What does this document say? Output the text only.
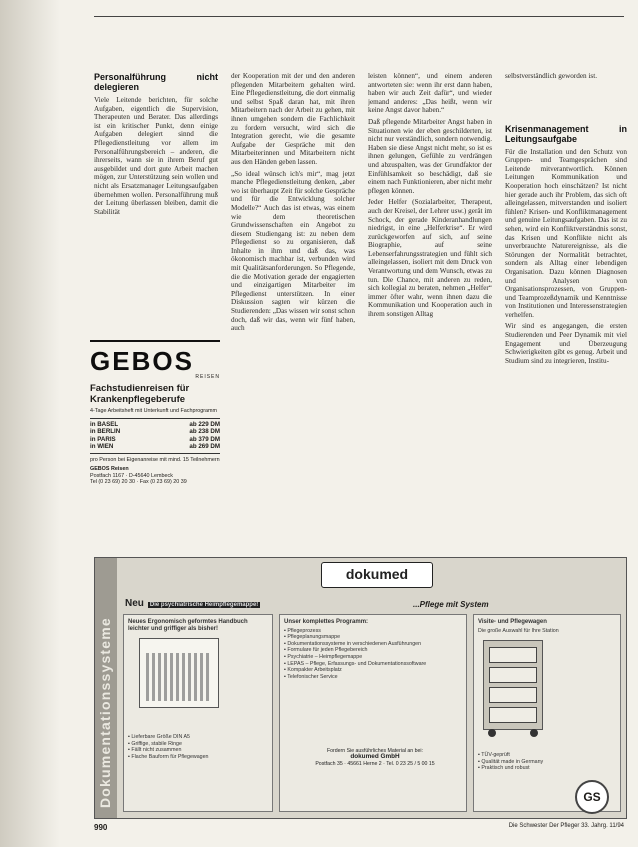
Personalführung nicht delegieren

Viele Leitende berichten, für solche Aufgaben, eigentlich die Supervision, Therapeuten und Berater. Das allerdings ist ein kritischer Punkt, denn einige Aufgaben delegiert sinnd die Pflegedienstleitung vor allem im Personalführungsbereich – anderen, die ihrerseits, wann sie in ihrem Beruf gut ausgebildet und dort gute Arbeit machen mögen, zur Unterstützung sein wollen und nicht als Ersatzmanager Leitungsaufgaben übernehmen wollen. Personalführung muß der Leitung überlassen bleiben, damit die Stabilität

GEBOS
REISEN
Fachstudienreisen für Krankenpflegeberufe
4-Tage Arbeitsheft mit Unterkunft und Fachprogramm
in BASEL	ab 229 DM
in BERLIN	ab 238 DM
in PARIS	ab 379 DM
in WIEN	ab 269 DM
pro Person bei Eigenanreise mit mind. 15 Teilnehmern
GEBOS Reisen
Postfach 1167 · D-45640 Lembeck
Tel (0 23 69) 20 30 · Fax (0 23 69) 20 39

der Kooperation mit der und den anderen pflegenden Mitarbeitern gehalten wird. Eine Pflegedienstleitung, die dort einmalig und selbst Spaß daran hat, mit ihren Mitarbeitern nach der Arbeit zu gehen, mit ihnen umgehen sondern die Fachlichkeit zu fordern versucht, wird sich die Integration gerecht, wie die gesamte Aufgabe der Gespräche mit den Mitarbeiterinnen und Mitarbeitern nicht aus den Händen geben lassen.

„So ideal wünsch ich's mir“, mag jetzt manche Pflegedienstleitung denken, „aber wo ist überhaupt Zeit für solche Gespräche und für die Entwicklung solcher Modelle?“ Auch das ist etwas, was einem wie dem theoretischen Grundwissenschaften ein Angebot zu diesem Studiengang ist: zu neben dem Pflegedienst so zu organisieren, daß Inhalte in ihm und daß das, was ökonomisch machbar ist, verbunden wird mit Qualitätsanforderungen. So Pflegende, die die Motivation gerade der engagierten und einzigartigen Mitarbeiter im Pflegedienst unterstützen. In einer Diskussion sagten wir kürzen die Studierenden: „Das wissen wir sonst schon doch, daß wir das, wenn wir fünf haben, auch

leisten können“, und einem anderen antworteten sie: wenn ihr erst dann haben, haben wir auch Zeit dafür“, und wieder jemand anderes: „Das heißt, wenn wir keine Angst davor haben.“

Daß pflegende Mitarbeiter Angst haben in Situationen wie der eben geschilderten, ist nicht nur verständlich, sondern notwendig. Haben sie diese Angst nicht mehr, so ist es ihnen gelungen, Gefühle zu verdrängen und abzuspalten, was der Grundfaktor der Einfühlsamkeit so beschädigt, daß sie einem nach Funktionieren, aber nicht mehr pflegen können.

Jeder Helfer (Sozialarbeiter, Therapeut, auch der Kreisel, der Lehrer usw.) gerät im Schock, der gerade Kinderanhandlungen niedrigst, in eine „Helferkrise“. Er wird zurückgeworfen auf sich, auf seine Biographie, auf seine Lebenserfahrungsstrategien und fühlt sich alleingelassen, isoliert mit dem Druck von Verantwortung und dem Wunsch, etwas zu tun. Die Chance, mit anderen zu reden, sich kollegial zu beraten, nehmen „Helfer“ immer öfter wahr, wenn ihnen dazu die Kommunikation und Kooperation auch in ihrem sonstigen Alltag

selbstverständlich geworden ist.

Krisenmanagement in Leitungsaufgabe

Für die Installation und den Schutz von Gruppen- und Teamgesprächen sind Leitende mitverantwortlich. Können Leitungen Kommunikation und Kooperation hoch einschätzen? Ist nicht hier gerade auch ihr Problem, das sich oft alleingelassen, mitverstanden und isoliert fühlen? Krisen- und Konfliktmanagement und genuine Leitungsaufgaben. Das ist zu sehen, wird ein Konfliktverständnis sonst, das Krisen und Konflikte nicht als unverbrauchte Naturereignisse, als die Störungen der Normalität betrachtet, sondern als Alltag einer lebendigen Organisation. Dazu können Diagnosen und Analysen von Organisationsprozessen, von Gruppen- und Teamprozeßdynamik und Kenntnisse von Institutionen und Interessenstrategien verhelfen.

Wir sind es angegangen, die ersten Studierenden und Peer Dynamik mit viel Engagement und Überzeugung Schwierigkeiten gibt es genug. Arbeit und Studium sind zu integrieren, Institu-

Dokumentationssysteme
dokumed
Neu Die psychiatrische Heimpflegemappe!	...Pflege mit System
Neues Ergonomisch geformtes Handbuch leichter und griffiger als bisher!
▪ Lieferbare Größe DIN A5
▪ Griffige, stabile Ringe
▪ Fällt nicht zusammen
▪ Flache Bauform für Pflegewagen
Unser komplettes Programm:
▪ Pflegeprozess
▪ Pflegeplanungsmappe
▪ Dokumentationssysteme in verschiedenen Ausführungen
▪ Formulare für jeden Pflegebereich
▪ Psychiatrie – Heimpflegemappe
▪ LEPAS – Pflege, Erfassungs- und Dokumentationssoftware
▪ Kompakter Arbeitsplatz
▪ Telefonischer Service
Fordern Sie ausführliches Material an bei:
dokumed GmbH
Postfach 35 · 45661 Herne 2 · Tel. 0 23 25 / 5 00 15
Visite- und Pflegewagen
Die große Auswahl für Ihre Station
▪ TÜV-geprüft
▪ Qualität made in Germany
▪ Praktisch und robust
GS
990	Die Schwester Der Pfleger 33. Jahrg. 11/94
